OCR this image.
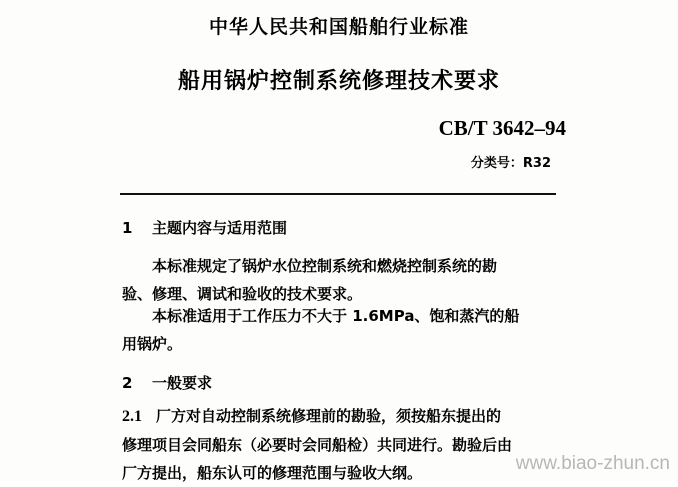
中华人民共和国船舶行业标准
船用锅炉控制系统修理技术要求
CB/T 3642–94
分类号：R32
1 主题内容与适用范围
本标准规定了锅炉水位控制系统和燃烧控制系统的勘
验、修理、调试和验收的技术要求。
本标准适用于工作压力不大于 1.6MPa、饱和蒸汽的船
用锅炉。
2 一般要求
2.1 厂方对自动控制系统修理前的勘验，须按船东提出的
修理项目会同船东（必要时会同船检）共同进行。勘验后由
厂方提出，船东认可的修理范围与验收大纲。	www.biao-zhun.cn
